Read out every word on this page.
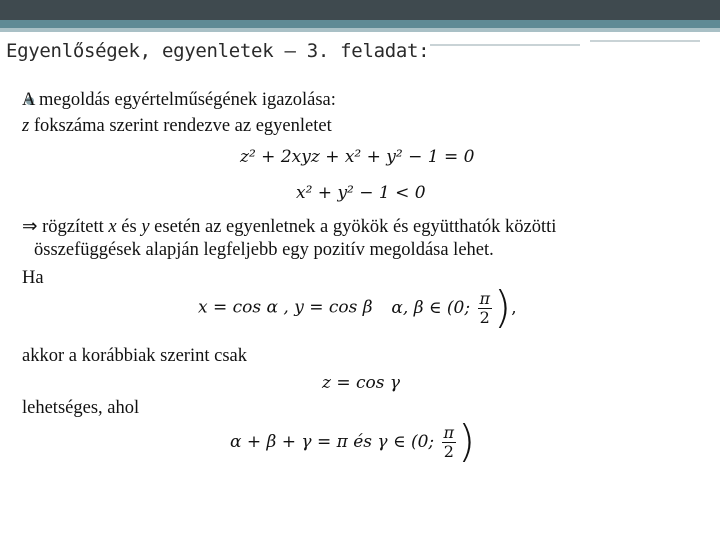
Egyenlőségek, egyenletek – 3. feladat:
A megoldás egyértelműségének igazolása:
z fokszáma szerint rendezve az egyenletet
z² + 2xyz + x² + y² − 1 = 0
x² + y² − 1 < 0
⇒ rögzített x és y esetén az egyenletnek a gyökök és együtthatók közötti
összefüggések alapján legfeljebb egy pozitív megoldása lehet.
Ha
x = cos α , y = cos β α, β ∈ (0; $\frac{\pi}{2}$ ),
akkor a korábbiak szerint csak
z = cos γ
lehetséges, ahol
α + β + γ = π és γ ∈ (0; $\frac{\pi}{2}$ )
